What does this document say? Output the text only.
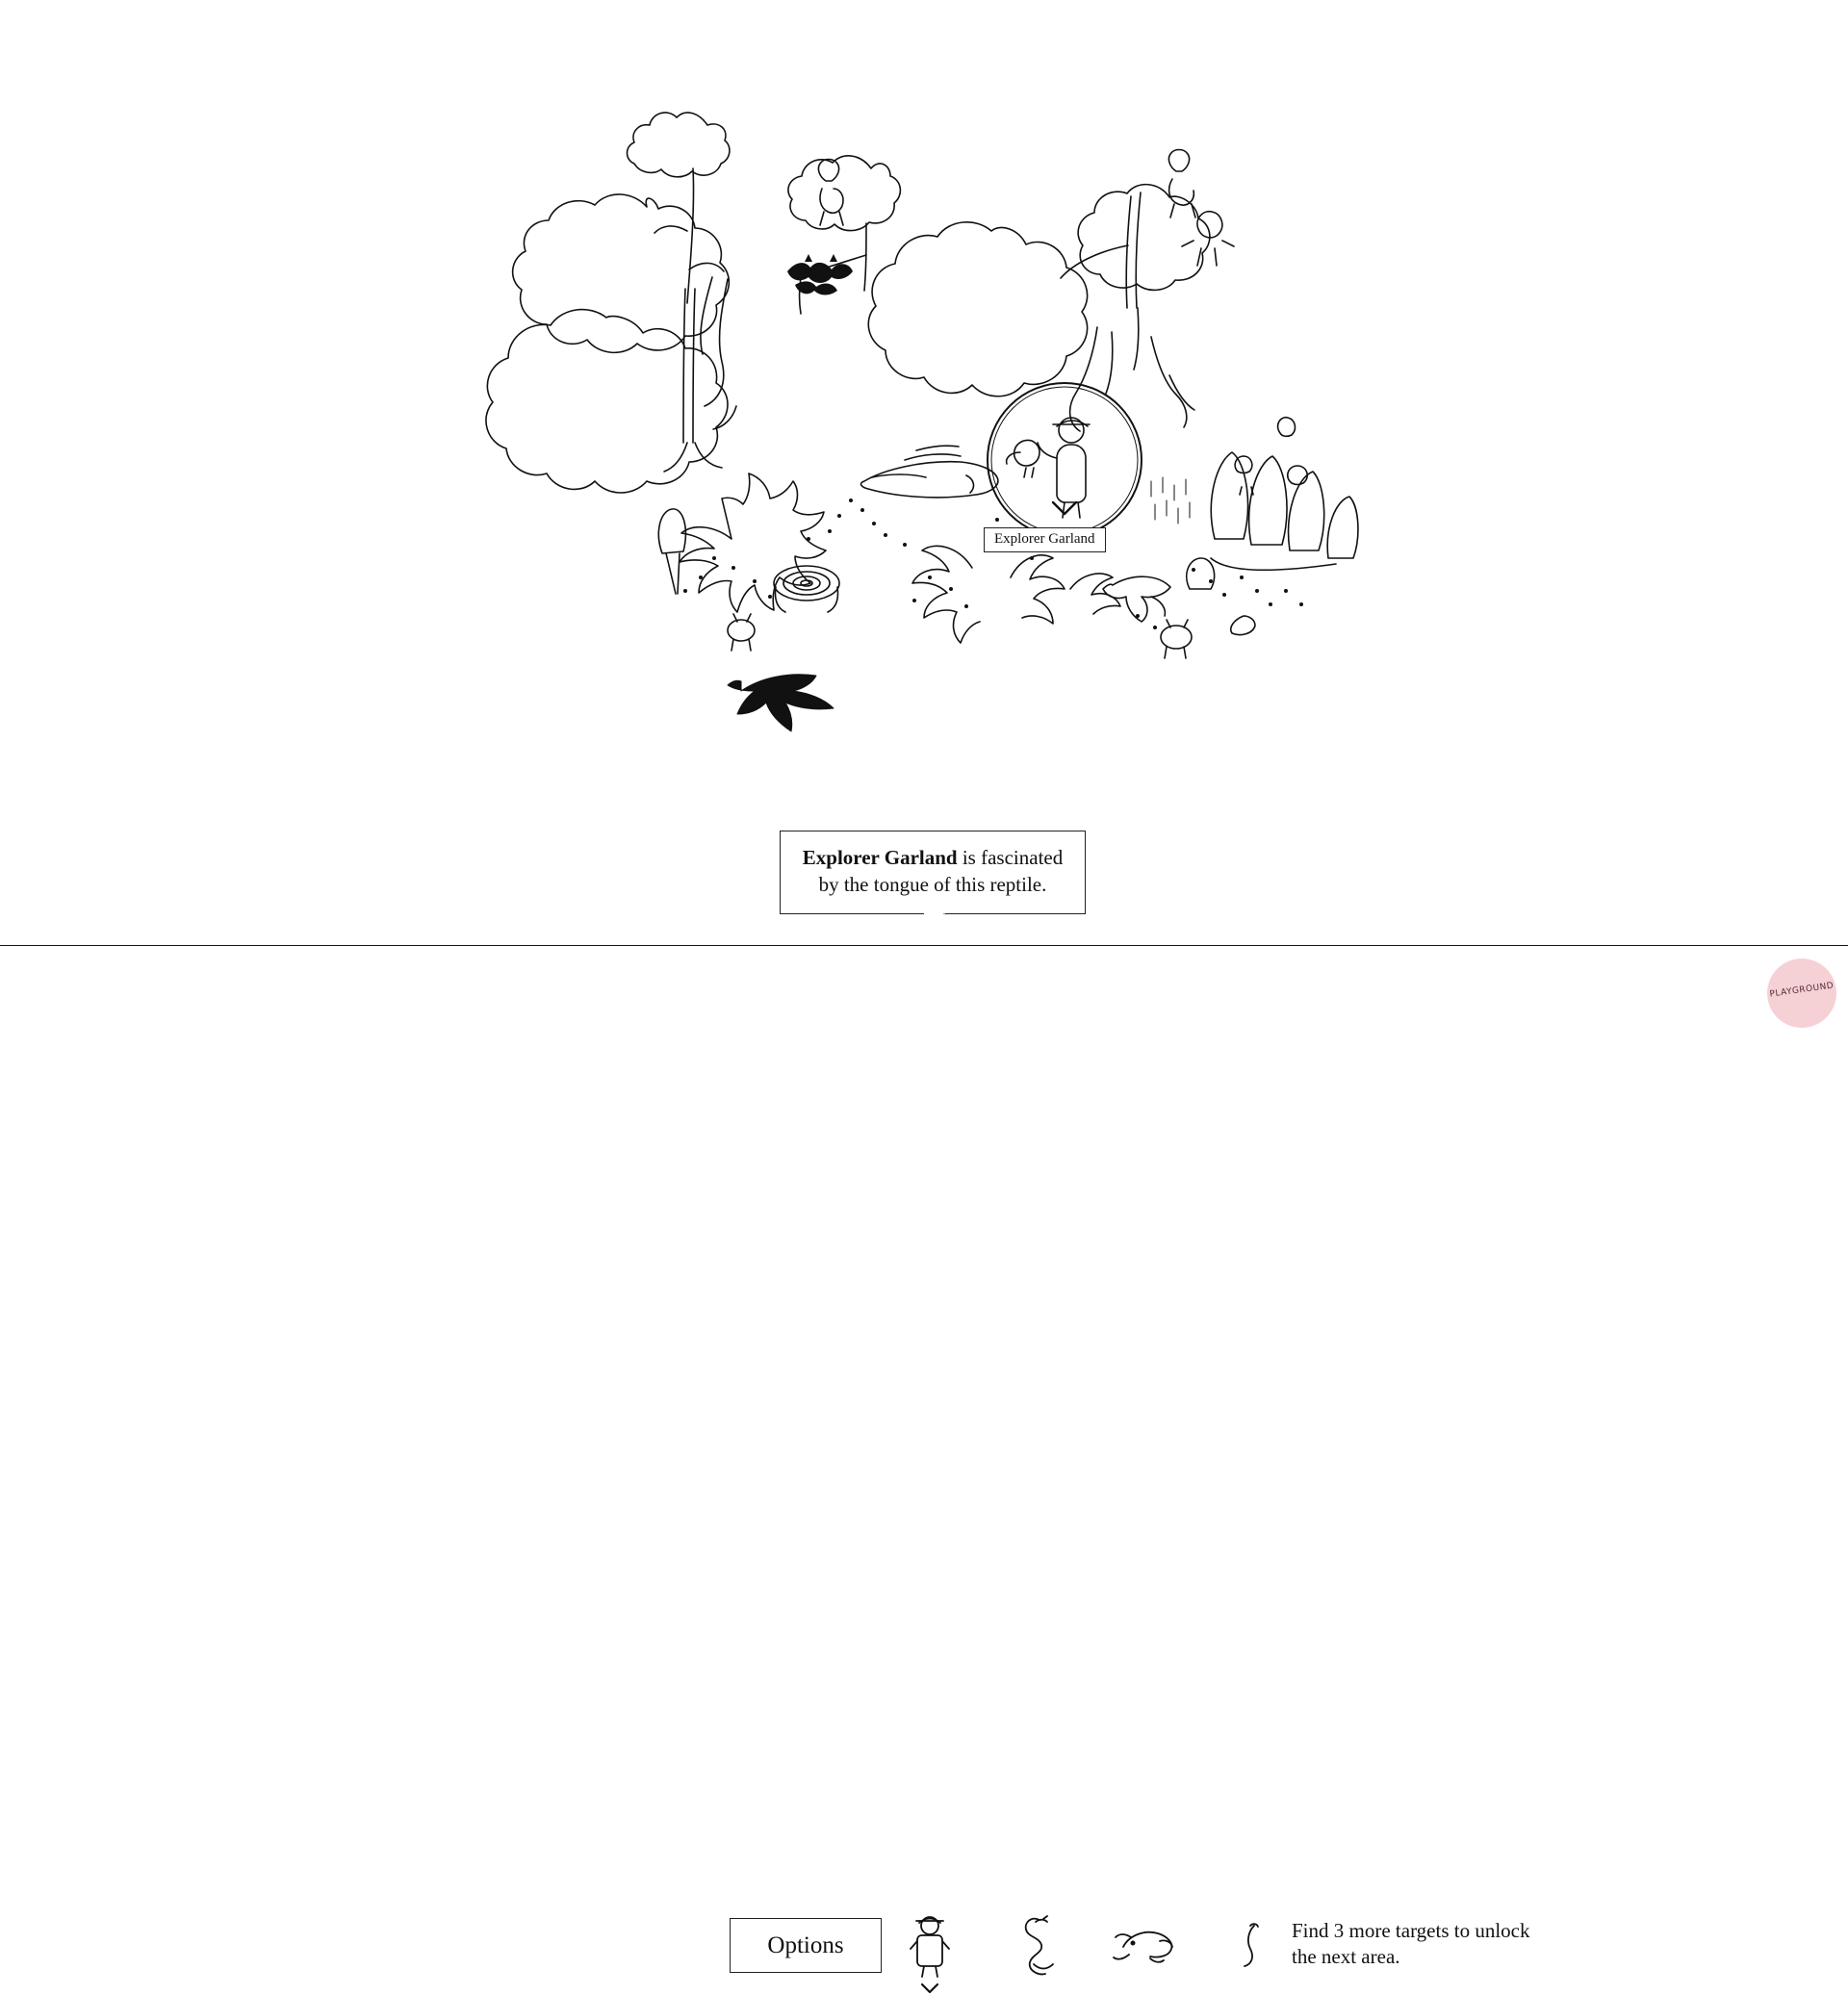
Explorer Garland
Explorer Garland is fascinated by the tongue of this reptile.
Options
Find 3 more targets to unlock the next area.
PLAYGROUND
